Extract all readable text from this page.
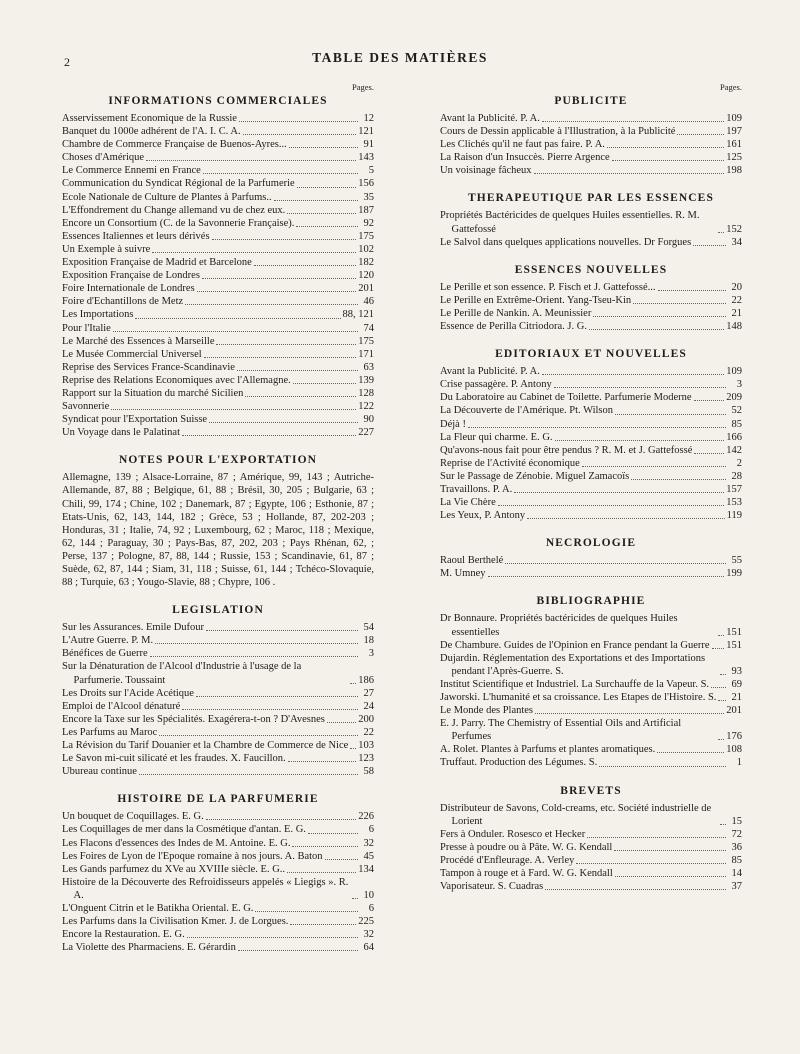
2	TABLE DES MATIÈRES
Pages.
INFORMATIONS COMMERCIALES
Asservissement Economique de la Russie	12
Banquet du 1000e adhérent de l'A. I. C. A.	121
Chambre de Commerce Française de Buenos-Ayres...	91
Choses d'Amérique	143
Le Commerce Ennemi en France	5
Communication du Syndicat Régional de la Parfumerie	156
Ecole Nationale de Culture de Plantes à Parfums..	35
L'Effondrement du Change allemand vu de chez eux.	187
Encore un Consortium (C. de la Savonnerie Française).	92
Essences Italiennes et leurs dérivés	175
Un Exemple à suivre	102
Exposition Française de Madrid et Barcelone	182
Exposition Française de Londres	120
Foire Internationale de Londres	201
Foire d'Echantillons de Metz	46
Les Importations	88, 121
Pour l'Italie	74
Le Marché des Essences à Marseille	175
Le Musée Commercial Universel	171
Reprise des Services France-Scandinavie	63
Reprise des Relations Economiques avec l'Allemagne.	139
Rapport sur la Situation du marché Sicilien	128
Savonnerie	122
Syndicat pour l'Exportation Suisse	90
Un Voyage dans le Palatinat	227
NOTES POUR L'EXPORTATION

Allemagne, 139 ; Alsace-Lorraine, 87 ; Amérique, 99, 143 ; Autriche-Allemande, 87, 88 ; Belgique, 61, 88 ; Brésil, 30, 205 ; Bulgarie, 63 ; Chili, 99, 174 ; Chine, 102 ; Danemark, 87 ; Egypte, 106 ; Esthonie, 87 ; Etats-Unis, 62, 143, 144, 182 ; Grèce, 53 ; Hollande, 87, 202-203 ; Honduras, 31 ; Italie, 74, 92 ; Luxembourg, 62 ; Maroc, 118 ; Mexique, 62, 144 ; Paraguay, 30 ; Pays-Bas, 87, 202, 203 ; Pays Rhénan, 62, ; Perse, 137 ; Pologne, 87, 88, 144 ; Russie, 153 ; Scandinavie, 61, 87 ; Suède, 62, 87, 144 ; Siam, 31, 118 ; Suisse, 61, 144 ; Tchéco-Slovaquie, 88 ; Turquie, 63 ; Yougo-Slavie, 88 ; Chypre, 106 .

LEGISLATION
Sur les Assurances. Emile Dufour	54
L'Autre Guerre. P. M.	18
Bénéfices de Guerre	3
Sur la Dénaturation de l'Alcool d'Industrie à l'usage de la Parfumerie. Toussaint	186
Les Droits sur l'Acide Acétique	27
Emploi de l'Alcool dénaturé	24
Encore la Taxe sur les Spécialités. Exagérera-t-on ? D'Avesnes	200
Les Parfums au Maroc	22
La Révision du Tarif Douanier et la Chambre de Commerce de Nice 103
Le Savon mi-cuit silicaté et les fraudes. X. Faucillon.	123
Ubureau continue	58
HISTOIRE DE LA PARFUMERIE
Un bouquet de Coquillages. E. G.	226
Les Coquillages de mer dans la Cosmétique d'antan. E. G.	6
Les Flacons d'essences des Indes de M. Antoine. E. G.	32
Les Foires de Lyon de l'Epoque romaine à nos jours. A. Baton	45
Les Gands parfumez du XVe au XVIIIe siècle. E. G..	134
Histoire de la Découverte des Refroidisseurs appelés « Liegigs ». R. A.	10
L'Onguent Citrin et le Batikha Oriental. E. G.	6
Les Parfums dans la Civilisation Kmer. J. de Lorgues.	225
Encore la Restauration. E. G.	32
La Violette des Pharmaciens. E. Gérardin	64
Pages.
PUBLICITE
Avant la Publicité. P. A.	109
Cours de Dessin applicable à l'Illustration, à la Publicité	197
Les Clichés qu'il ne faut pas faire. P. A.	161
La Raison d'un Insuccès. Pierre Argence	125
Un voisinage fâcheux	198
THERAPEUTIQUE PAR LES ESSENCES
Propriétés Bactéricides de quelques Huiles essentielles. R. M. Gattefossé	152
Le Salvol dans quelques applications nouvelles. Dr Forgues	34
ESSENCES NOUVELLES
Le Perille et son essence. P. Fisch et J. Gattefossé...	20
Le Perille en Extrême-Orient. Yang-Tseu-Kin	22
Le Perille de Nankin. A. Meunissier	21
Essence de Perilla Citriodora. J. G.	148
EDITORIAUX ET NOUVELLES
Avant la Publicité. P. A.	109
Crise passagère. P. Antony	3
Du Laboratoire au Cabinet de Toilette. Parfumerie Moderne	209
La Découverte de l'Amérique. Pt. Wilson	52
Déjà !	85
La Fleur qui charme. E. G.	166
Qu'avons-nous fait pour être pendus ? R. M. et J. Gattefossé	142
Reprise de l'Activité économique	2
Sur le Passage de Zénobie. Miguel Zamacoïs	28
Travaillons. P. A.	157
La Vie Chère	153
Les Yeux, P. Antony	119
NECROLOGIE
Raoul Berthelé	55
M. Umney	199
BIBLIOGRAPHIE
Dr Bonnaure. Propriétés bactéricides de quelques Huiles essentielles	151
De Chambure. Guides de l'Opinion en France pendant la Guerre 151
Dujardin. Réglementation des Exportations et des Importations pendant l'Après-Guerre. S.	93
Institut Scientifique et Industriel. La Surchauffe de la Vapeur. S.	69
Jaworski. L'humanité et sa croissance. Les Etapes de l'Histoire. S.	21
Le Monde des Plantes	201
E. J. Parry. The Chemistry of Essential Oils and Artificial Perfumes	176
A. Rolet. Plantes à Parfums et plantes aromatiques.	108
Truffaut. Production des Légumes. S.	1
BREVETS
Distributeur de Savons, Cold-creams, etc. Société industrielle de Lorient	15
Fers à Onduler. Rosesco et Hecker	72
Presse à poudre ou à Pâte. W. G. Kendall	36
Procédé d'Enfleurage. A. Verley	85
Tampon à rouge et à Fard. W. G. Kendall	14
Vaporisateur. S. Cuadras	37
